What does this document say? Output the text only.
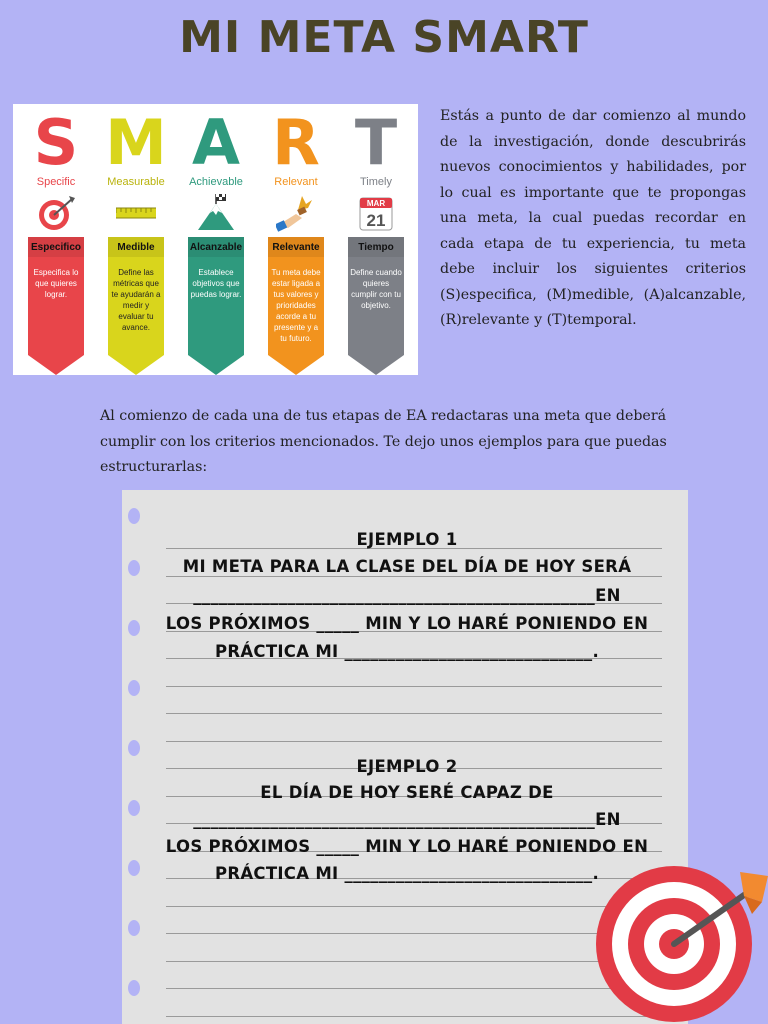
MI META SMART
S
Specific
Especifico
Especifica lo que quieres lograr.
M
Measurable
Medible
Define las métricas que te ayudarán a medir y evaluar tu avance.
A
Achievable
Alcanzable
Establece objetivos que puedas lograr.
R
Relevant
Relevante
Tu meta debe estar ligada a tus valores y prioridades acorde a tu presente y a tu futuro.
T
Timely
MAR
21
Tiempo
Define cuando quieres cumplir con tu objetivo.
Estás a punto de dar comienzo al mundo de la investigación, donde descubrirás nuevos conocimientos y habilidades, por lo cual es importante que te propongas una meta, la cual puedas recordar en cada etapa de tu experiencia, tu meta debe incluir los siguientes criterios (S)especifica, (M)medible, (A)alcanzable, (R)relevante y (T)temporal.
Al comienzo de cada una de tus etapas de EA redactaras una meta que deberá cumplir con los criterios mencionados. Te dejo unos ejemplos para que puedas estructurarlas:
EJEMPLO 1
MI META PARA LA CLASE DEL DÍA DE HOY SERÁ
_______________________________________________EN
LOS PRÓXIMOS _____ MIN Y LO HARÉ PONIENDO EN
PRÁCTICA MI _____________________________.
EJEMPLO 2
EL DÍA DE HOY SERÉ CAPAZ DE
_______________________________________________EN
LOS PRÓXIMOS _____ MIN Y LO HARÉ PONIENDO EN
PRÁCTICA MI _____________________________.
